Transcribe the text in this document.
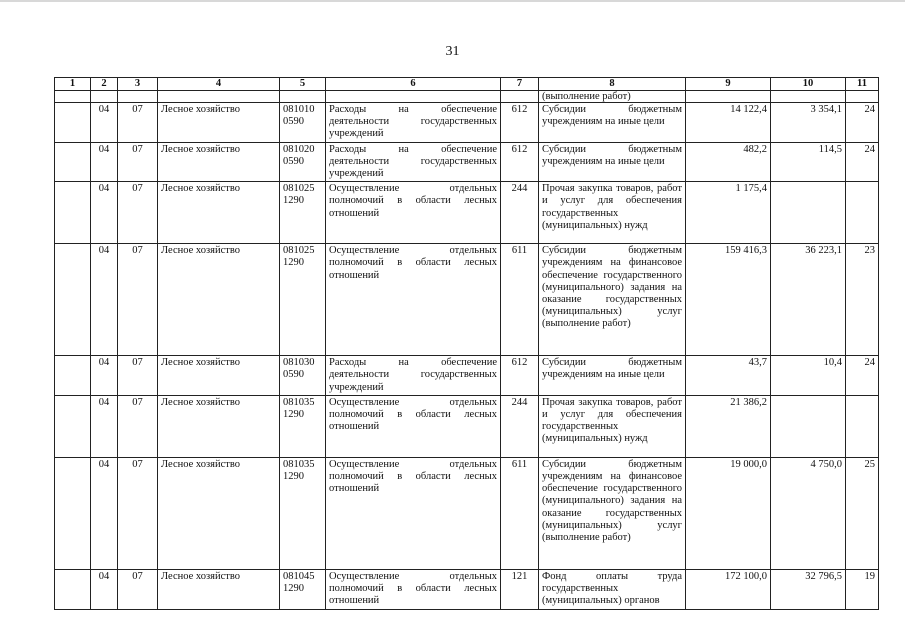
31
1	2	3	4	5	6	7	8	9	10	11
							(выполнение работ)			
	04	07	Лесное хозяйство	081010 0590	Расходы на обеспечение деятельности государственных учреждений	612	Субсидии бюджетным учреждениям на иные цели	14 122,4	3 354,1	24
	04	07	Лесное хозяйство	081020 0590	Расходы на обеспечение деятельности государственных учреждений	612	Субсидии бюджетным учреждениям на иные цели	482,2	114,5	24
	04	07	Лесное хозяйство	081025 1290	Осуществление отдельных полномочий в области лесных отношений	244	Прочая закупка товаров, работ и услуг для обеспечения государственных (муниципальных) нужд	1 175,4		
	04	07	Лесное хозяйство	081025 1290	Осуществление отдельных полномочий в области лесных отношений	611	Субсидии бюджетным учреждениям на финансовое обеспечение государственного (муниципального) задания на оказание государственных (муниципальных) услуг (выполнение работ)	159 416,3	36 223,1	23
	04	07	Лесное хозяйство	081030 0590	Расходы на обеспечение деятельности государственных учреждений	612	Субсидии бюджетным учреждениям на иные цели	43,7	10,4	24
	04	07	Лесное хозяйство	081035 1290	Осуществление отдельных полномочий в области лесных отношений	244	Прочая закупка товаров, работ и услуг для обеспечения государственных (муниципальных) нужд	21 386,2		
	04	07	Лесное хозяйство	081035 1290	Осуществление отдельных полномочий в области лесных отношений	611	Субсидии бюджетным учреждениям на финансовое обеспечение государственного (муниципального) задания на оказание государственных (муниципальных) услуг (выполнение работ)	19 000,0	4 750,0	25
	04	07	Лесное хозяйство	081045 1290	Осуществление отдельных полномочий в области лесных отношений	121	Фонд оплаты труда государственных (муниципальных) органов	172 100,0	32 796,5	19
